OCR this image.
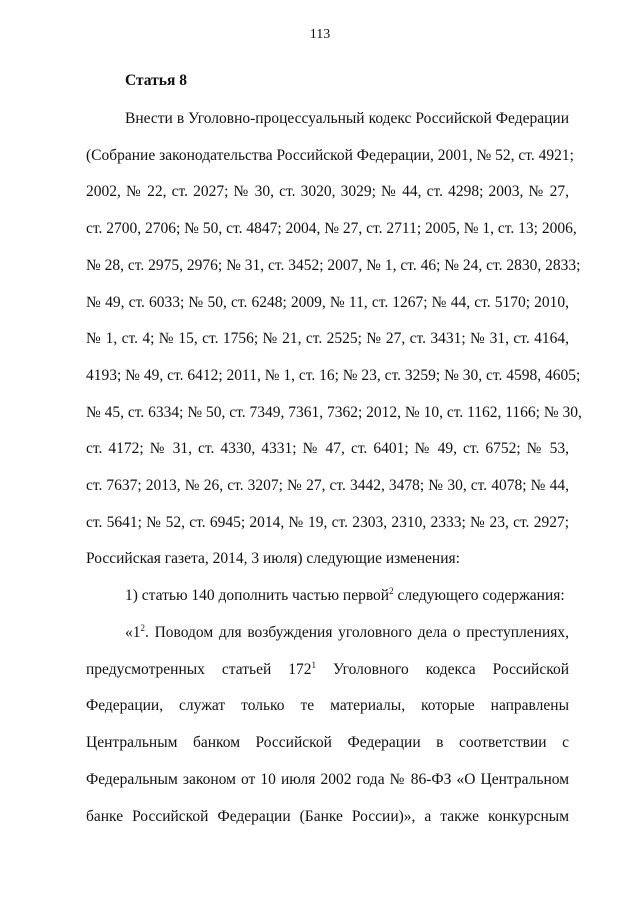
113
Статья 8
Внести в Уголовно-процессуальный кодекс Российской Федерации
(Собрание законодательства Российской Федерации, 2001, № 52, ст. 4921;
2002, № 22, ст. 2027; № 30, ст. 3020, 3029; № 44, ст. 4298; 2003, № 27,
ст. 2700, 2706; № 50, ст. 4847; 2004, № 27, ст. 2711; 2005, № 1, ст. 13; 2006,
№ 28, ст. 2975, 2976; № 31, ст. 3452; 2007, № 1, ст. 46; № 24, ст. 2830, 2833;
№ 49, ст. 6033; № 50, ст. 6248; 2009, № 11, ст. 1267; № 44, ст. 5170; 2010,
№ 1, ст. 4; № 15, ст. 1756; № 21, ст. 2525; № 27, ст. 3431; № 31, ст. 4164,
4193; № 49, ст. 6412; 2011, № 1, ст. 16; № 23, ст. 3259; № 30, ст. 4598, 4605;
№ 45, ст. 6334; № 50, ст. 7349, 7361, 7362; 2012, № 10, ст. 1162, 1166; № 30,
ст. 4172; № 31, ст. 4330, 4331; № 47, ст. 6401; № 49, ст. 6752; № 53,
ст. 7637; 2013, № 26, ст. 3207; № 27, ст. 3442, 3478; № 30, ст. 4078; № 44,
ст. 5641; № 52, ст. 6945; 2014, № 19, ст. 2303, 2310, 2333; № 23, ст. 2927;
Российская газета, 2014, 3 июля) следующие изменения:
1) статью 140 дополнить частью первой$^2$ следующего содержания:
«$1^2$. Поводом для возбуждения уголовного дела о преступлениях,
предусмотренных статьей $172^1$ Уголовного кодекса Российской
Федерации, служат только те материалы, которые направлены
Центральным банком Российской Федерации в соответствии с
Федеральным законом от 10 июля 2002 года № 86-ФЗ «О Центральном
банке Российской Федерации (Банке России)», а также конкурсным
